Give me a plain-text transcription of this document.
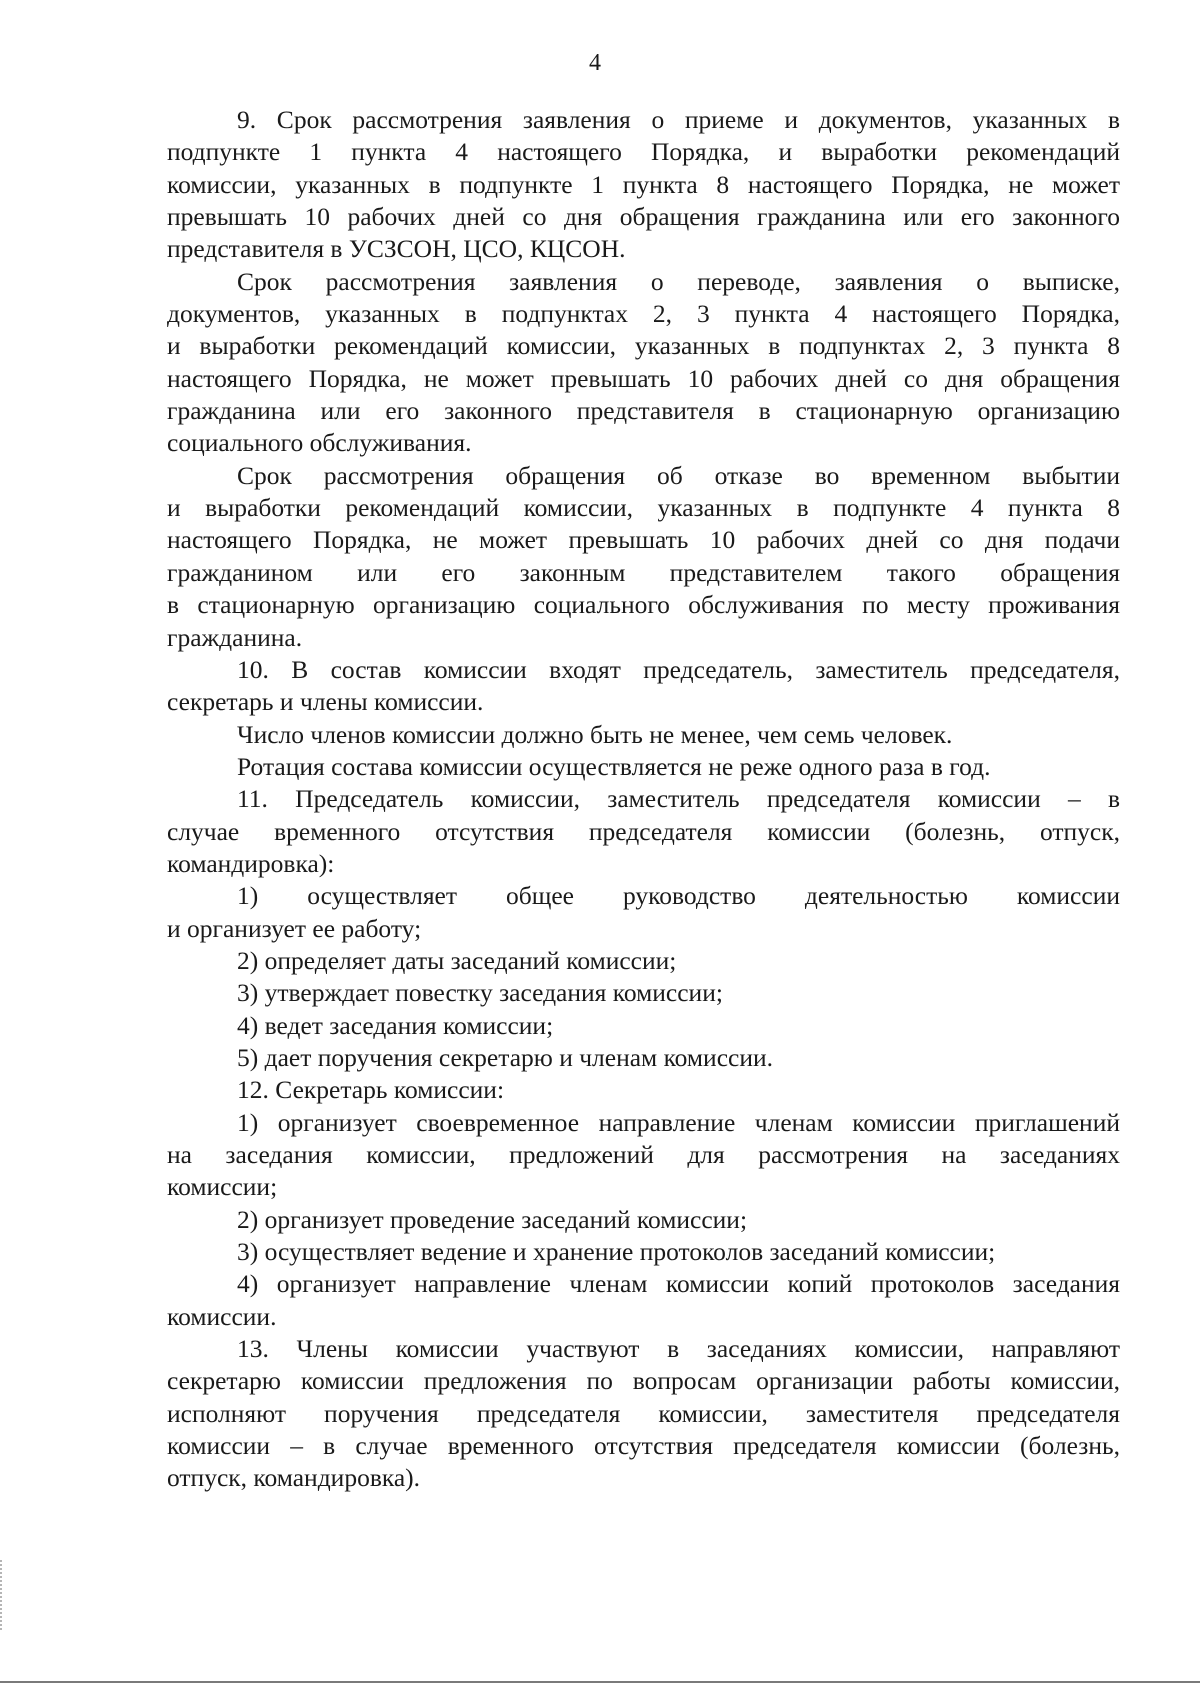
4
9. Срок рассмотрения заявления о приеме и документов, указанных в
подпункте 1 пункта 4 настоящего Порядка, и выработки рекомендаций
комиссии, указанных в подпункте 1 пункта 8 настоящего Порядка, не может
превышать 10 рабочих дней со дня обращения гражданина или его законного
представителя в УСЗСОН, ЦСО, КЦСОН.
Срок рассмотрения заявления о переводе, заявления о выписке,
документов, указанных в подпунктах 2, 3 пункта 4 настоящего Порядка,
и выработки рекомендаций комиссии, указанных в подпунктах 2, 3 пункта 8
настоящего Порядка, не может превышать 10 рабочих дней со дня обращения
гражданина или его законного представителя в стационарную организацию
социального обслуживания.
Срок рассмотрения обращения об отказе во временном выбытии
и выработки рекомендаций комиссии, указанных в подпункте 4 пункта 8
настоящего Порядка, не может превышать 10 рабочих дней со дня подачи
гражданином или его законным представителем такого обращения
в стационарную организацию социального обслуживания по месту проживания
гражданина.
10. В состав комиссии входят председатель, заместитель председателя,
секретарь и члены комиссии.
Число членов комиссии должно быть не менее, чем семь человек.
Ротация состава комиссии осуществляется не реже одного раза в год.
11. Председатель комиссии, заместитель председателя комиссии – в
случае временного отсутствия председателя комиссии (болезнь, отпуск,
командировка):
1) осуществляет общее руководство деятельностью комиссии
и организует ее работу;
2) определяет даты заседаний комиссии;
3) утверждает повестку заседания комиссии;
4) ведет заседания комиссии;
5) дает поручения секретарю и членам комиссии.
12. Секретарь комиссии:
1) организует своевременное направление членам комиссии приглашений
на заседания комиссии, предложений для рассмотрения на заседаниях
комиссии;
2) организует проведение заседаний комиссии;
3) осуществляет ведение и хранение протоколов заседаний комиссии;
4) организует направление членам комиссии копий протоколов заседания
комиссии.
13. Члены комиссии участвуют в заседаниях комиссии, направляют
секретарю комиссии предложения по вопросам организации работы комиссии,
исполняют поручения председателя комиссии, заместителя председателя
комиссии – в случае временного отсутствия председателя комиссии (болезнь,
отпуск, командировка).
